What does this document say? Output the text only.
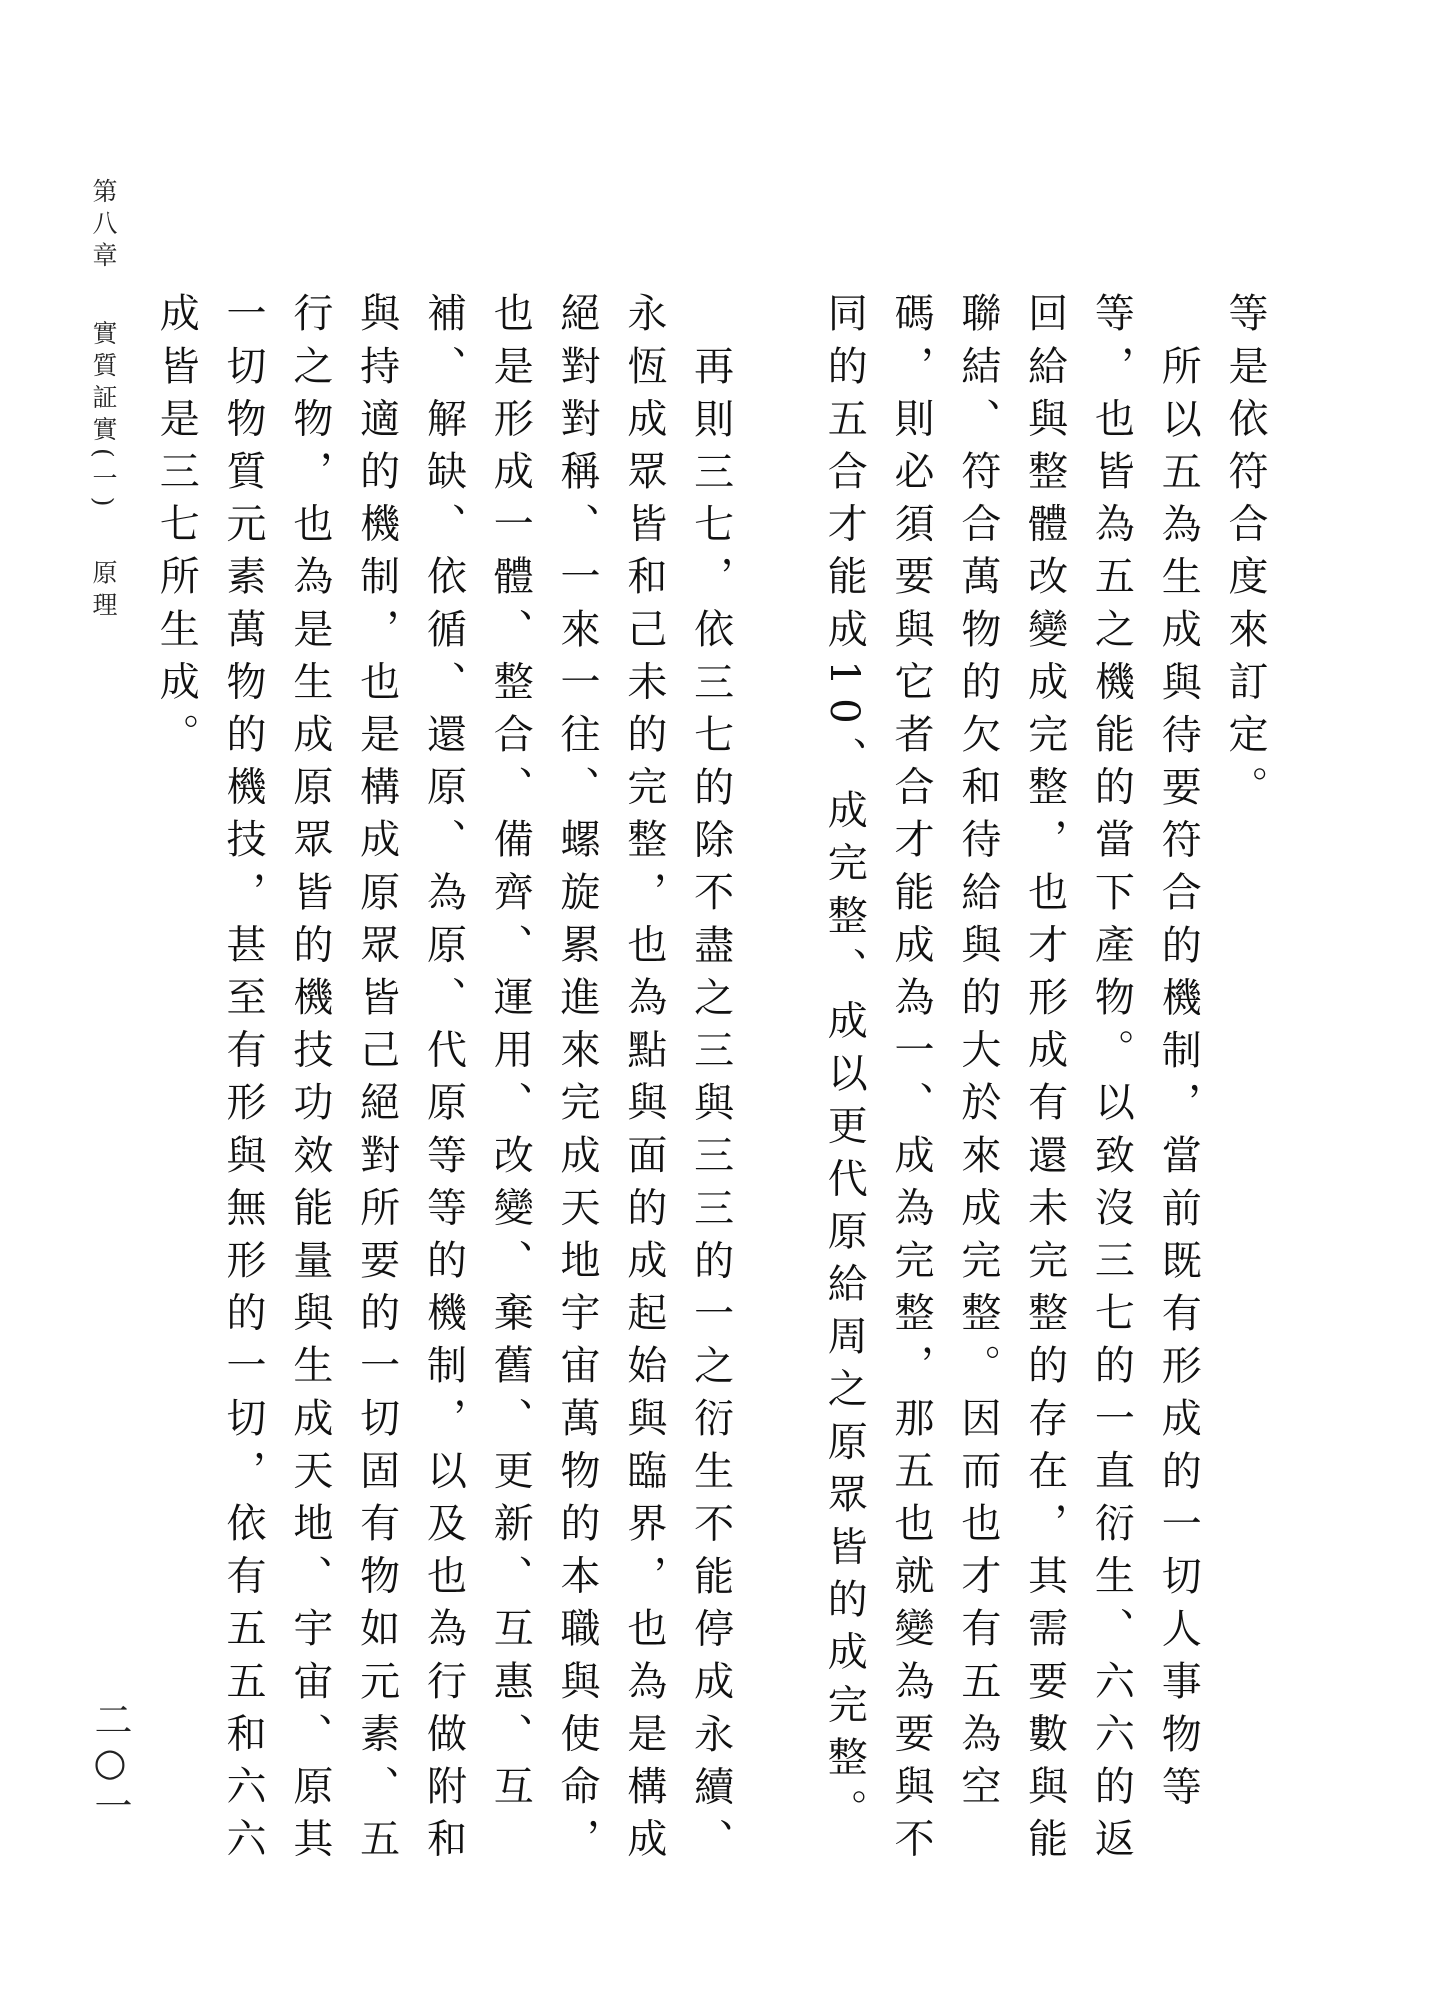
第八章實質証實(一)原理
二○一

等是依符合度來訂定。

所以五為生成與待要符合的機制，當前既有形成的一切人事物等等，也皆為五之機能的當下產物。以致沒三七的一直衍生、六六的返回給與整體改變成完整，也才形成有還未完整的存在，其需要數與能聯結、符合萬物的欠和待給與的大於來成完整。因而也才有五為空碼，則必須要與它者合才能成為一、成為完整，那五也就變為要與不同的五合才能成10、成完整、成以更代原給周之原眾皆的成完整。

再則三七，依三七的除不盡之三與三三的一之衍生不能停成永續、永恆成眾皆和己未的完整，也為點與面的成起始與臨界，也為是構成絕對對稱、一來一往、螺旋累進來完成天地宇宙萬物的本職與使命，也是形成一體、整合、備齊、運用、改變、棄舊、更新、互惠、互補、解缺、依循、還原、為原、代原等等的機制，以及也為行做附和與持適的機制，也是構成原眾皆己絕對所要的一切固有物如元素、五行之物，也為是生成原眾皆的機技功效能量與生成天地、宇宙、原其一切物質元素萬物的機技，甚至有形與無形的一切，依有五五和六六成皆是三七所生成。
